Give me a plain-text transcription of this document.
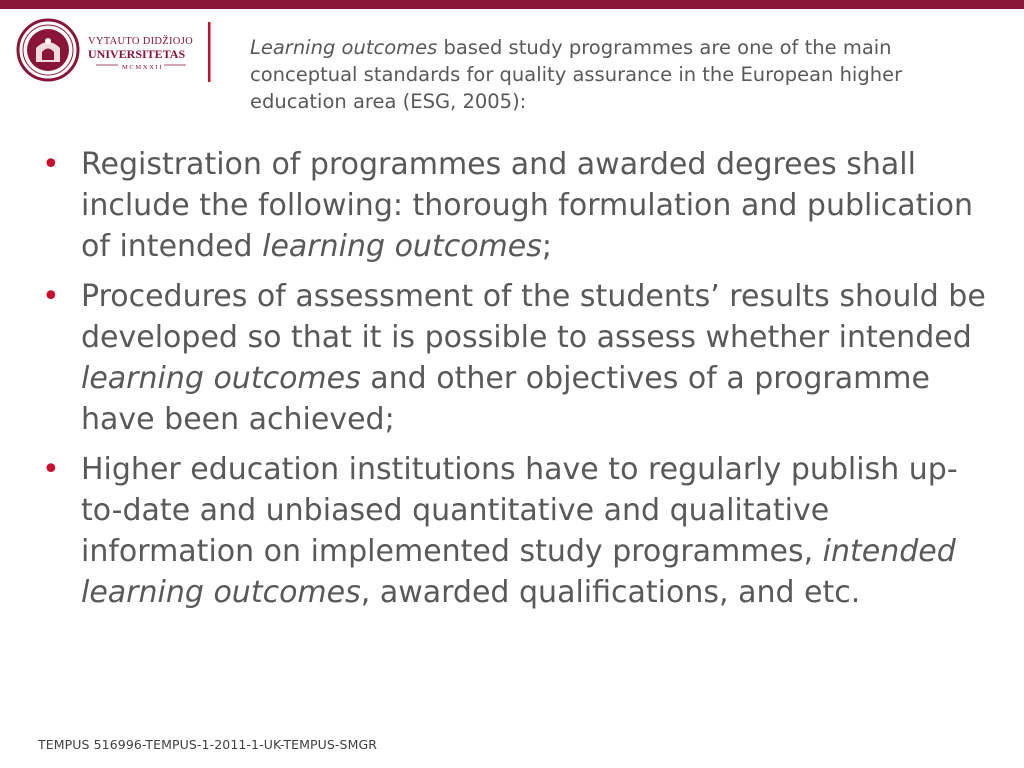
VYTAUTO DIDŽIOJO
UNIVERSITETAS
M C M X X I I
Learning outcomes based study programmes are one of the main conceptual standards for quality assurance in the European higher education area (ESG, 2005):
• Registration of programmes and awarded degrees shall include the following: thorough formulation and publication of intended learning outcomes;
• Procedures of assessment of the students’ results should be developed so that it is possible to assess whether intended learning outcomes and other objectives of a programme have been achieved;
• Higher education institutions have to regularly publish up-to-date and unbiased quantitative and qualitative information on implemented study programmes, intended learning outcomes, awarded qualifications, and etc.
TEMPUS 516996-TEMPUS-1-2011-1-UK-TEMPUS-SMGR
